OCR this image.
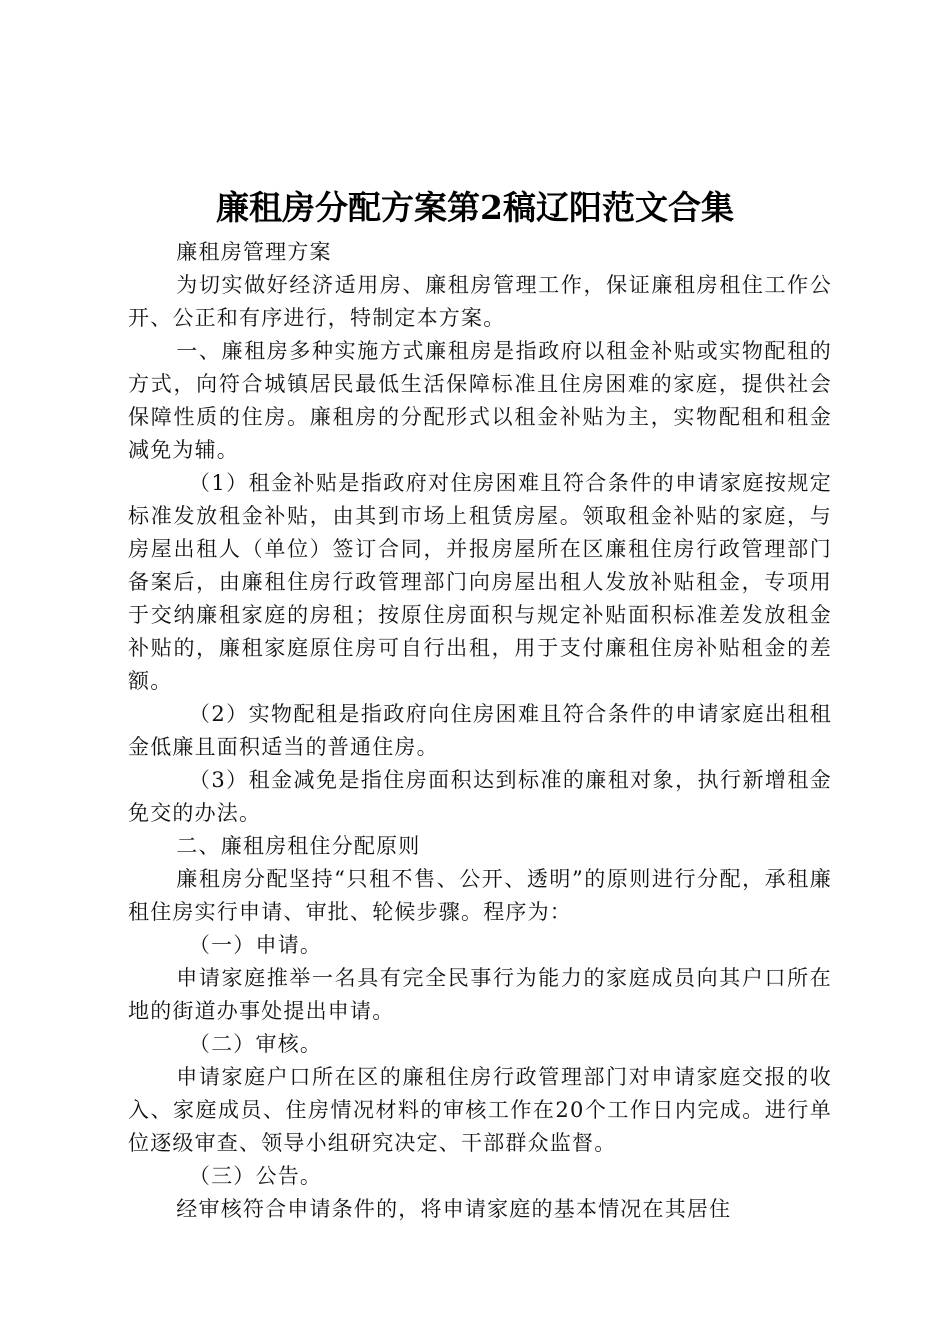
廉租房分配方案第2稿辽阳范文合集

廉租房管理方案

为切实做好经济适用房、廉租房管理工作，保证廉租房租住工作公开、公正和有序进行，特制定本方案。

一、廉租房多种实施方式廉租房是指政府以租金补贴或实物配租的方式，向符合城镇居民最低生活保障标准且住房困难的家庭，提供社会保障性质的住房。廉租房的分配形式以租金补贴为主，实物配租和租金减免为辅。

（1）租金补贴是指政府对住房困难且符合条件的申请家庭按规定标准发放租金补贴，由其到市场上租赁房屋。领取租金补贴的家庭，与房屋出租人（单位）签订合同，并报房屋所在区廉租住房行政管理部门备案后，由廉租住房行政管理部门向房屋出租人发放补贴租金，专项用于交纳廉租家庭的房租；按原住房面积与规定补贴面积标准差发放租金补贴的，廉租家庭原住房可自行出租，用于支付廉租住房补贴租金的差额。

（2）实物配租是指政府向住房困难且符合条件的申请家庭出租租金低廉且面积适当的普通住房。

（3）租金减免是指住房面积达到标准的廉租对象，执行新增租金免交的办法。

二、廉租房租住分配原则

廉租房分配坚持“只租不售、公开、透明”的原则进行分配，承租廉租住房实行申请、审批、轮候步骤。程序为：

（一）申请。

申请家庭推举一名具有完全民事行为能力的家庭成员向其户口所在地的街道办事处提出申请。

（二）审核。

申请家庭户口所在区的廉租住房行政管理部门对申请家庭交报的收入、家庭成员、住房情况材料的审核工作在20个工作日内完成。进行单位逐级审查、领导小组研究决定、干部群众监督。

（三）公告。

经审核符合申请条件的，将申请家庭的基本情况在其居住
